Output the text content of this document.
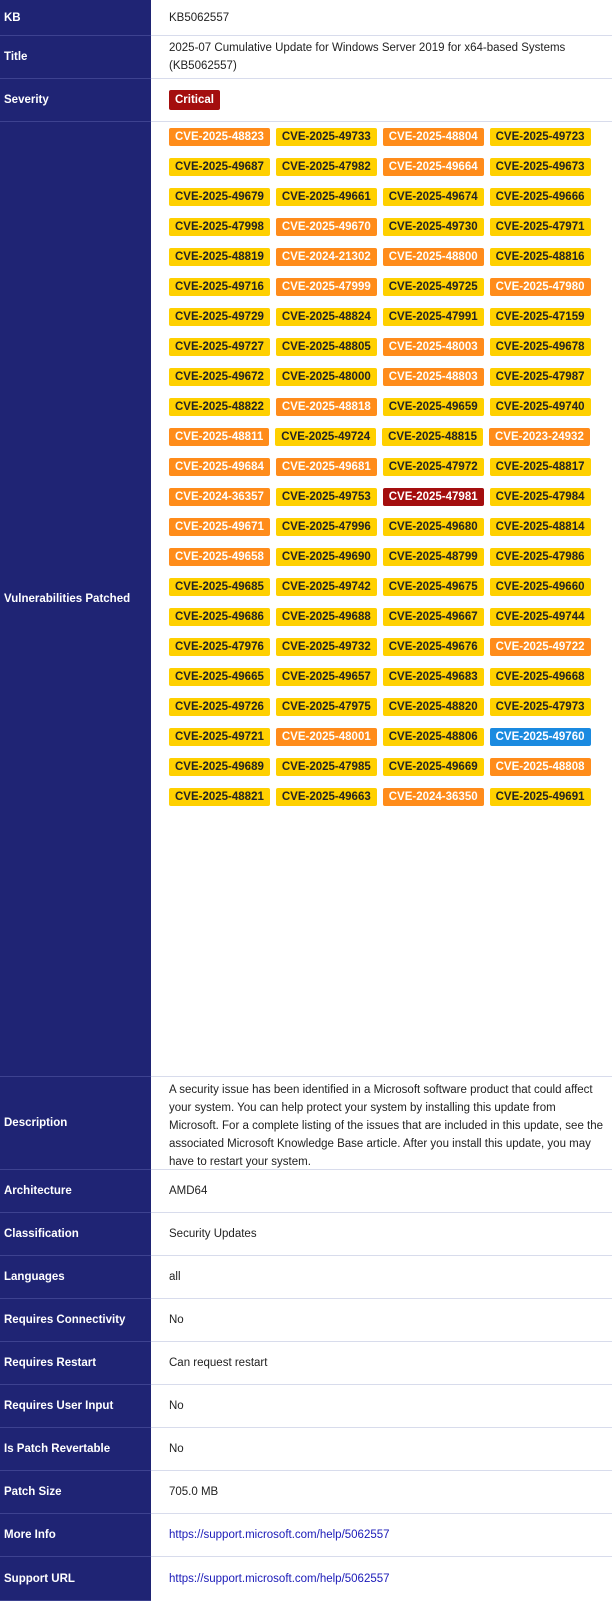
KB	KB5062557
Title
2025-07 Cumulative Update for Windows Server 2019 for x64-based Systems (KB5062557)
Severity	Critical
Vulnerabilities Patched
CVE-2025-48823	CVE-2025-49733	CVE-2025-48804	CVE-2025-49723
CVE-2025-49687	CVE-2025-47982	CVE-2025-49664	CVE-2025-49673
CVE-2025-49679	CVE-2025-49661	CVE-2025-49674	CVE-2025-49666
CVE-2025-47998	CVE-2025-49670	CVE-2025-49730	CVE-2025-47971
CVE-2025-48819	CVE-2024-21302	CVE-2025-48800	CVE-2025-48816
CVE-2025-49716	CVE-2025-47999	CVE-2025-49725	CVE-2025-47980
CVE-2025-49729	CVE-2025-48824	CVE-2025-47991	CVE-2025-47159
CVE-2025-49727	CVE-2025-48805	CVE-2025-48003	CVE-2025-49678
CVE-2025-49672	CVE-2025-48000	CVE-2025-48803	CVE-2025-47987
CVE-2025-48822	CVE-2025-48818	CVE-2025-49659	CVE-2025-49740
CVE-2025-48811	CVE-2025-49724	CVE-2025-48815	CVE-2023-24932
CVE-2025-49684	CVE-2025-49681	CVE-2025-47972	CVE-2025-48817
CVE-2024-36357	CVE-2025-49753	CVE-2025-47981	CVE-2025-47984
CVE-2025-49671	CVE-2025-47996	CVE-2025-49680	CVE-2025-48814
CVE-2025-49658	CVE-2025-49690	CVE-2025-48799	CVE-2025-47986
CVE-2025-49685	CVE-2025-49742	CVE-2025-49675	CVE-2025-49660
CVE-2025-49686	CVE-2025-49688	CVE-2025-49667	CVE-2025-49744
CVE-2025-47976	CVE-2025-49732	CVE-2025-49676	CVE-2025-49722
CVE-2025-49665	CVE-2025-49657	CVE-2025-49683	CVE-2025-49668
CVE-2025-49726	CVE-2025-47975	CVE-2025-48820	CVE-2025-47973
CVE-2025-49721	CVE-2025-48001	CVE-2025-48806	CVE-2025-49760
CVE-2025-49689	CVE-2025-47985	CVE-2025-49669	CVE-2025-48808
CVE-2025-48821	CVE-2025-49663	CVE-2024-36350	CVE-2025-49691
Description
A security issue has been identified in a Microsoft software product that could affect your system. You can help protect your system by installing this update from Microsoft. For a complete listing of the issues that are included in this update, see the associated Microsoft Knowledge Base article. After you install this update, you may have to restart your system.
Architecture	AMD64
Classification	Security Updates
Languages	all
Requires Connectivity	No
Requires Restart	Can request restart
Requires User Input	No
Is Patch Revertable	No
Patch Size	705.0 MB
More Info	https://support.microsoft.com/help/5062557
Support URL	https://support.microsoft.com/help/5062557
